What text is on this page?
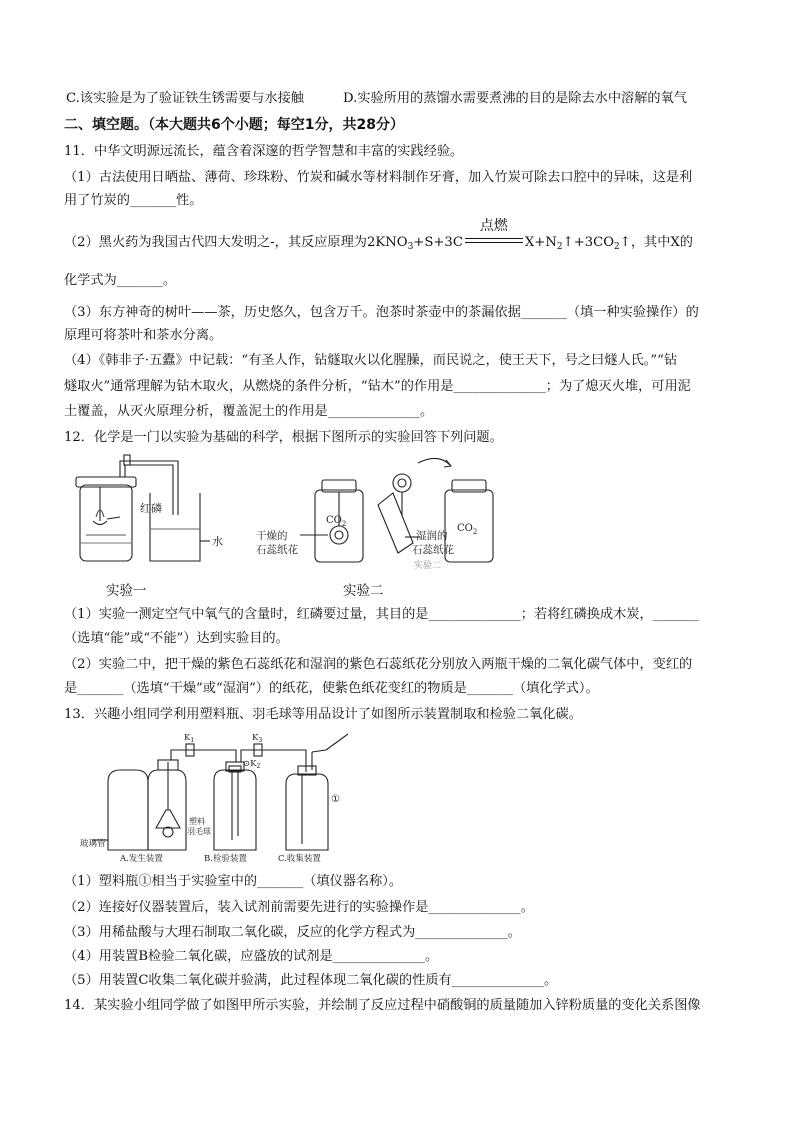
C.该实验是为了验证铁生锈需要与水接触	D.实验所用的蒸馏水需要煮沸的目的是除去水中溶解的氧气
二、填空题。（本大题共6个小题；每空1分，共28分）
11．中华文明源远流长，蕴含着深邃的哲学智慧和丰富的实践经验。
（1）古法使用日晒盐、薄荷、珍珠粉、竹炭和碱水等材料制作牙膏，加入竹炭可除去口腔中的异味，这是利
用了竹炭的_______性。
（2）黑火药为我国古代四大发明之-，其反应原理为$2KNO_3+S+3C$
点燃
$X+N_2↑+3CO_2↑$，其中X的
化学式为_______。
（3）东方神奇的树叶——茶，历史悠久，包含万千。泡茶时茶壶中的茶漏依据_______（填一种实验操作）的
原理可将茶叶和茶水分离。
（4）《韩非子·五蠹》中记载：“有圣人作，钻燧取火以化腥臊，而民说之，使王天下，号之曰燧人氏。”“钻
燧取火”通常理解为钻木取火，从燃烧的条件分析，“钻木”的作用是______________；为了熄灭火堆，可用泥
土覆盖，从灭火原理分析，覆盖泥土的作用是______________。
12．化学是一门以实验为基础的科学，根据下图所示的实验回答下列问题。
红磷
水	干燥的
石蕊纸花
湿润的
石蕊纸花
$CO_2$	$CO_2$
实验二
实验一	实验二
（1）实验一测定空气中氧气的含量时，红磷要过量，其目的是______________；若将红磷换成木炭，_______
（选填“能”或“不能”）达到实验目的。
（2）实验二中，把干燥的紫色石蕊纸花和湿润的紫色石蕊纸花分别放入两瓶干燥的二氧化碳气体中，变红的
是_______（选填“干燥”或“湿润”）的纸花，使紫色纸花变红的物质是_______（填化学式）。
13．兴趣小组同学利用塑料瓶、羽毛球等用品设计了如图所示装置制取和检验二氧化碳。
$K_1$
$⊙K_2$
$K_3$
①
玻璃管
塑料
羽毛球
A.发生装置	B.检验装置	C.收集装置
（1）塑料瓶①相当于实验室中的_______（填仪器名称）。
（2）连接好仪器装置后，装入试剂前需要先进行的实验操作是______________。
（3）用稀盐酸与大理石制取二氧化碳，反应的化学方程式为______________。
（4）用装置B检验二氧化碳，应盛放的试剂是______________。
（5）用装置C收集二氧化碳并验满，此过程体现二氧化碳的性质有______________。
14．某实验小组同学做了如图甲所示实验，并绘制了反应过程中硝酸铜的质量随加入锌粉质量的变化关系图像
